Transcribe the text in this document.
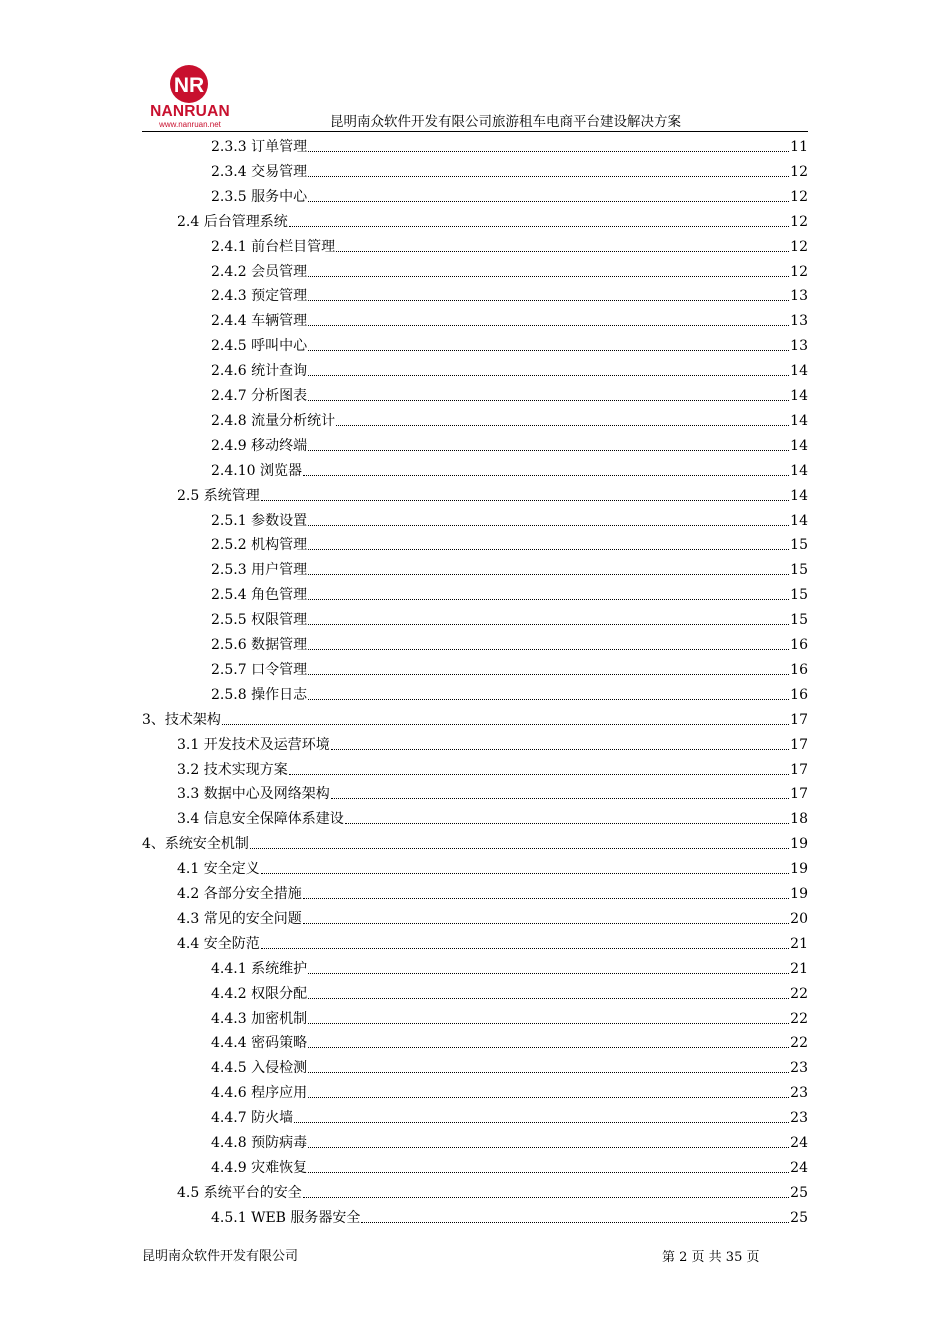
NR
NANRUAN
www.nanruan.net	昆明南众软件开发有限公司旅游租车电商平台建设解决方案
2.3.3 订单管理	11
2.3.4 交易管理	12
2.3.5 服务中心	12
2.4 后台管理系统	12
2.4.1 前台栏目管理	12
2.4.2 会员管理	12
2.4.3 预定管理	13
2.4.4 车辆管理	13
2.4.5 呼叫中心	13
2.4.6 统计查询	14
2.4.7 分析图表	14
2.4.8 流量分析统计	14
2.4.9 移动终端	14
2.4.10 浏览器	14
2.5 系统管理	14
2.5.1 参数设置	14
2.5.2 机构管理	15
2.5.3 用户管理	15
2.5.4 角色管理	15
2.5.5 权限管理	15
2.5.6 数据管理	16
2.5.7 口令管理	16
2.5.8 操作日志	16
3、技术架构	17
3.1 开发技术及运营环境	17
3.2 技术实现方案	17
3.3 数据中心及网络架构	17
3.4 信息安全保障体系建设	18
4、系统安全机制	19
4.1 安全定义	19
4.2 各部分安全措施	19
4.3 常见的安全问题	20
4.4 安全防范	21
4.4.1 系统维护	21
4.4.2 权限分配	22
4.4.3 加密机制	22
4.4.4 密码策略	22
4.4.5 入侵检测	23
4.4.6 程序应用	23
4.4.7 防火墙	23
4.4.8 预防病毒	24
4.4.9 灾难恢复	24
4.5 系统平台的安全	25
4.5.1 WEB 服务器安全	25
昆明南众软件开发有限公司	第 2 页 共 35 页
